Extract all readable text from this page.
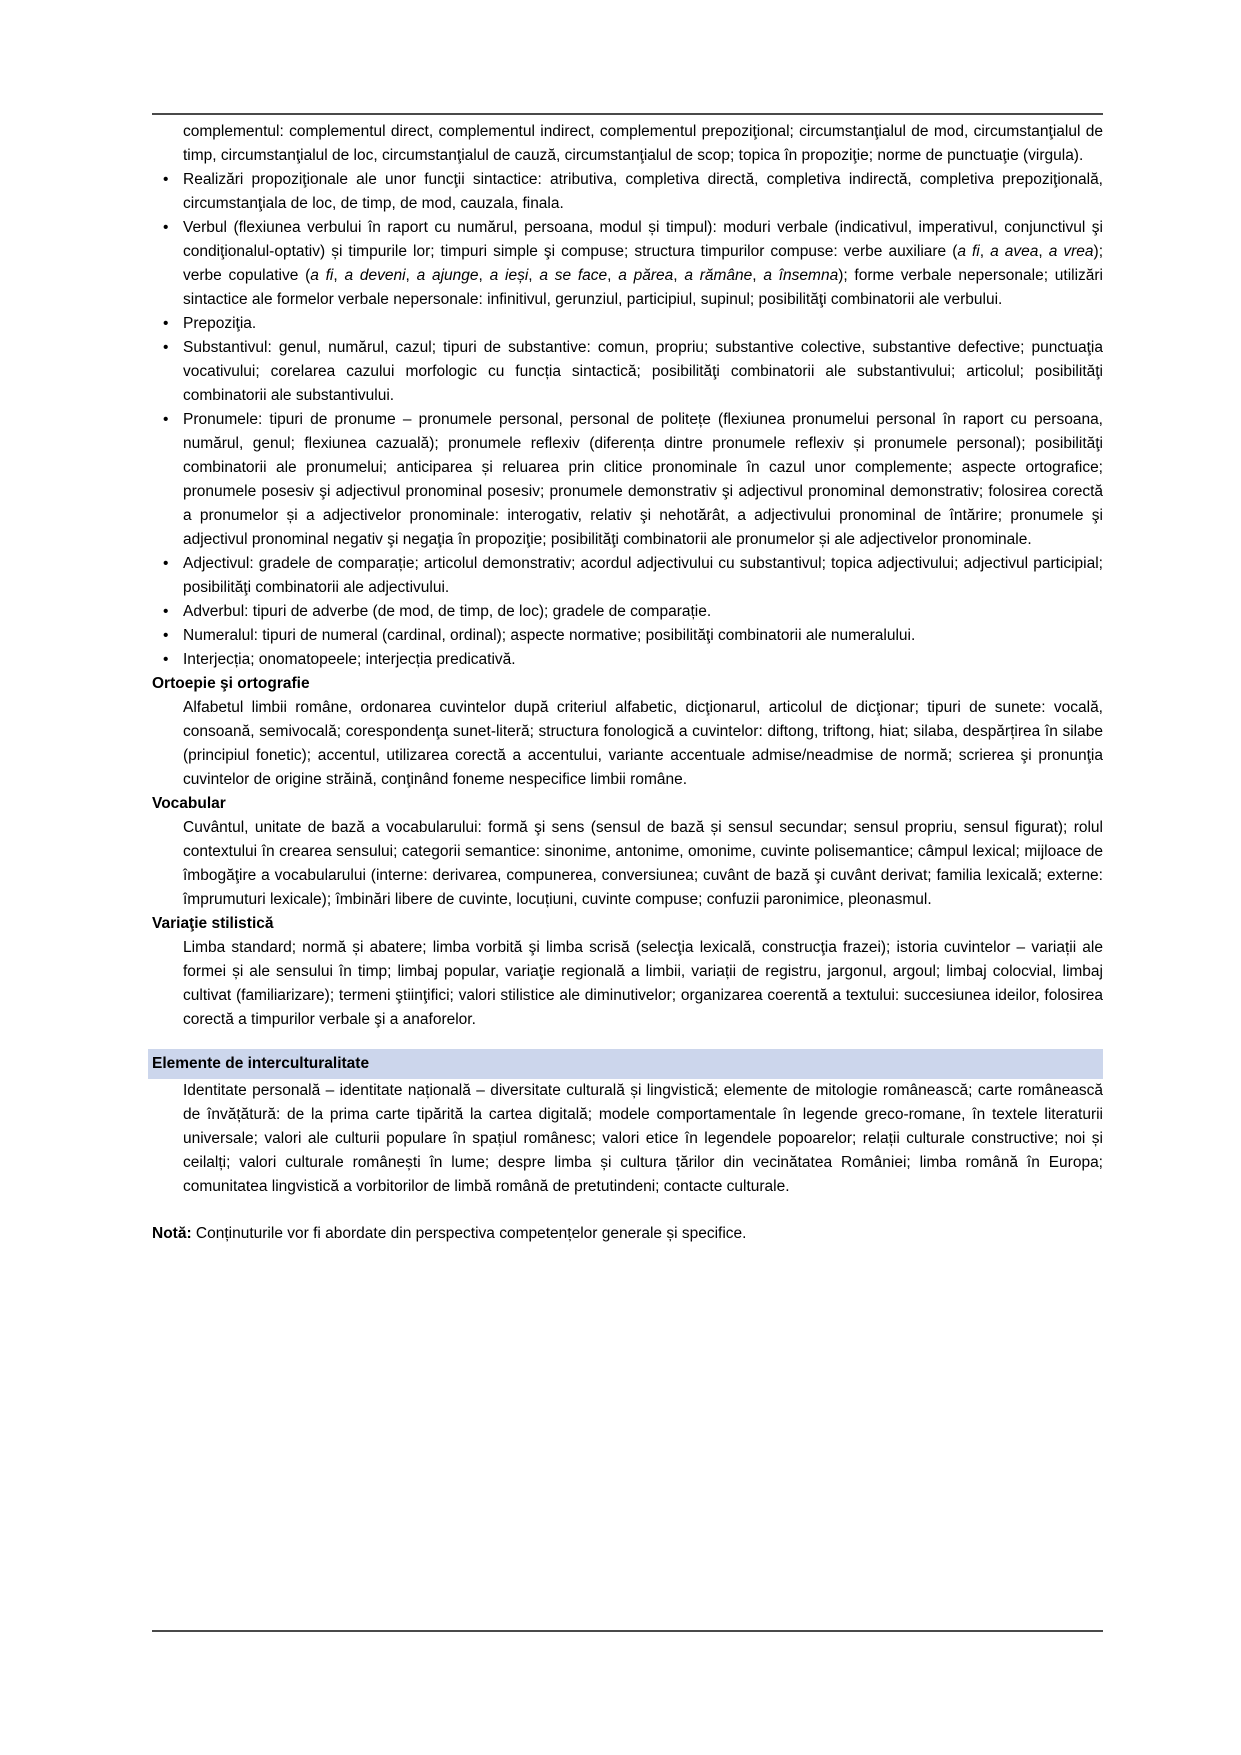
complementul: complementul direct, complementul indirect, complementul prepoziţional; circumstanţialul de mod, circumstanţialul de timp, circumstanţialul de loc, circumstanţialul de cauză, circumstanţialul de scop; topica în propoziţie; norme de punctuaţie (virgula).

• Realizări propoziţionale ale unor funcţii sintactice: atributiva, completiva directă, completiva indirectă, completiva prepoziţională, circumstanţiala de loc, de timp, de mod, cauzala, finala.
• Verbul (flexiunea verbului în raport cu numărul, persoana, modul și timpul): moduri verbale (indicativul, imperativul, conjunctivul şi condiţionalul-optativ) și timpurile lor; timpuri simple şi compuse; structura timpurilor compuse: verbe auxiliare (a fi, a avea, a vrea); verbe copulative (a fi, a deveni, a ajunge, a ieși, a se face, a părea, a rămâne, a însemna); forme verbale nepersonale; utilizări sintactice ale formelor verbale nepersonale: infinitivul, gerunziul, participiul, supinul; posibilităţi combinatorii ale verbului.
• Prepoziţia.
• Substantivul: genul, numărul, cazul; tipuri de substantive: comun, propriu; substantive colective, substantive defective; punctuaţia vocativului; corelarea cazului morfologic cu funcția sintactică; posibilităţi combinatorii ale substantivului; articolul; posibilităţi combinatorii ale substantivului.
• Pronumele: tipuri de pronume – pronumele personal, personal de politețe (flexiunea pronumelui personal în raport cu persoana, numărul, genul; flexiunea cazuală); pronumele reflexiv (diferența dintre pronumele reflexiv și pronumele personal); posibilităţi combinatorii ale pronumelui; anticiparea și reluarea prin clitice pronominale în cazul unor complemente; aspecte ortografice; pronumele posesiv şi adjectivul pronominal posesiv; pronumele demonstrativ şi adjectivul pronominal demonstrativ; folosirea corectă a pronumelor și a adjectivelor pronominale: interogativ, relativ şi nehotărât, a adjectivului pronominal de întărire; pronumele şi adjectivul pronominal negativ şi negaţia în propoziţie; posibilităţi combinatorii ale pronumelor și ale adjectivelor pronominale.
• Adjectivul: gradele de comparație; articolul demonstrativ; acordul adjectivului cu substantivul; topica adjectivului; adjectivul participial; posibilităţi combinatorii ale adjectivului.
• Adverbul: tipuri de adverbe (de mod, de timp, de loc); gradele de comparație.
• Numeralul: tipuri de numeral (cardinal, ordinal); aspecte normative; posibilităţi combinatorii ale numeralului.
• Interjecția; onomatopeele; interjecția predicativă.
Ortoepie şi ortografie

Alfabetul limbii române, ordonarea cuvintelor după criteriul alfabetic, dicţionarul, articolul de dicţionar; tipuri de sunete: vocală, consoană, semivocală; corespondenţa sunet-literă; structura fonologică a cuvintelor: diftong, triftong, hiat; silaba, despărțirea în silabe (principiul fonetic); accentul, utilizarea corectă a accentului, variante accentuale admise/neadmise de normă; scrierea şi pronunţia cuvintelor de origine străină, conţinând foneme nespecifice limbii române.

Vocabular

Cuvântul, unitate de bază a vocabularului: formă şi sens (sensul de bază și sensul secundar; sensul propriu, sensul figurat); rolul contextului în crearea sensului; categorii semantice: sinonime, antonime, omonime, cuvinte polisemantice; câmpul lexical; mijloace de îmbogăţire a vocabularului (interne: derivarea, compunerea, conversiunea; cuvânt de bază şi cuvânt derivat; familia lexicală; externe: împrumuturi lexicale); îmbinări libere de cuvinte, locuțiuni, cuvinte compuse; confuzii paronimice, pleonasmul.

Variaţie stilistică

Limba standard; normă și abatere; limba vorbită şi limba scrisă (selecţia lexicală, construcţia frazei); istoria cuvintelor – variații ale formei și ale sensului în timp; limbaj popular, variaţie regională a limbii, variații de registru, jargonul, argoul; limbaj colocvial, limbaj cultivat (familiarizare); termeni ştiinţifici; valori stilistice ale diminutivelor; organizarea coerentă a textului: succesiunea ideilor, folosirea corectă a timpurilor verbale şi a anaforelor.

Elemente de interculturalitate

Identitate personală – identitate națională – diversitate culturală și lingvistică; elemente de mitologie românească; carte românească de învățătură: de la prima carte tipărită la cartea digitală; modele comportamentale în legende greco-romane, în textele literaturii universale; valori ale culturii populare în spațiul românesc; valori etice în legendele popoarelor; relații culturale constructive; noi și ceilalți; valori culturale românești în lume; despre limba și cultura țărilor din vecinătatea României; limba română în Europa; comunitatea lingvistică a vorbitorilor de limbă română de pretutindeni; contacte culturale.

Notă: Conținuturile vor fi abordate din perspectiva competențelor generale și specifice.
